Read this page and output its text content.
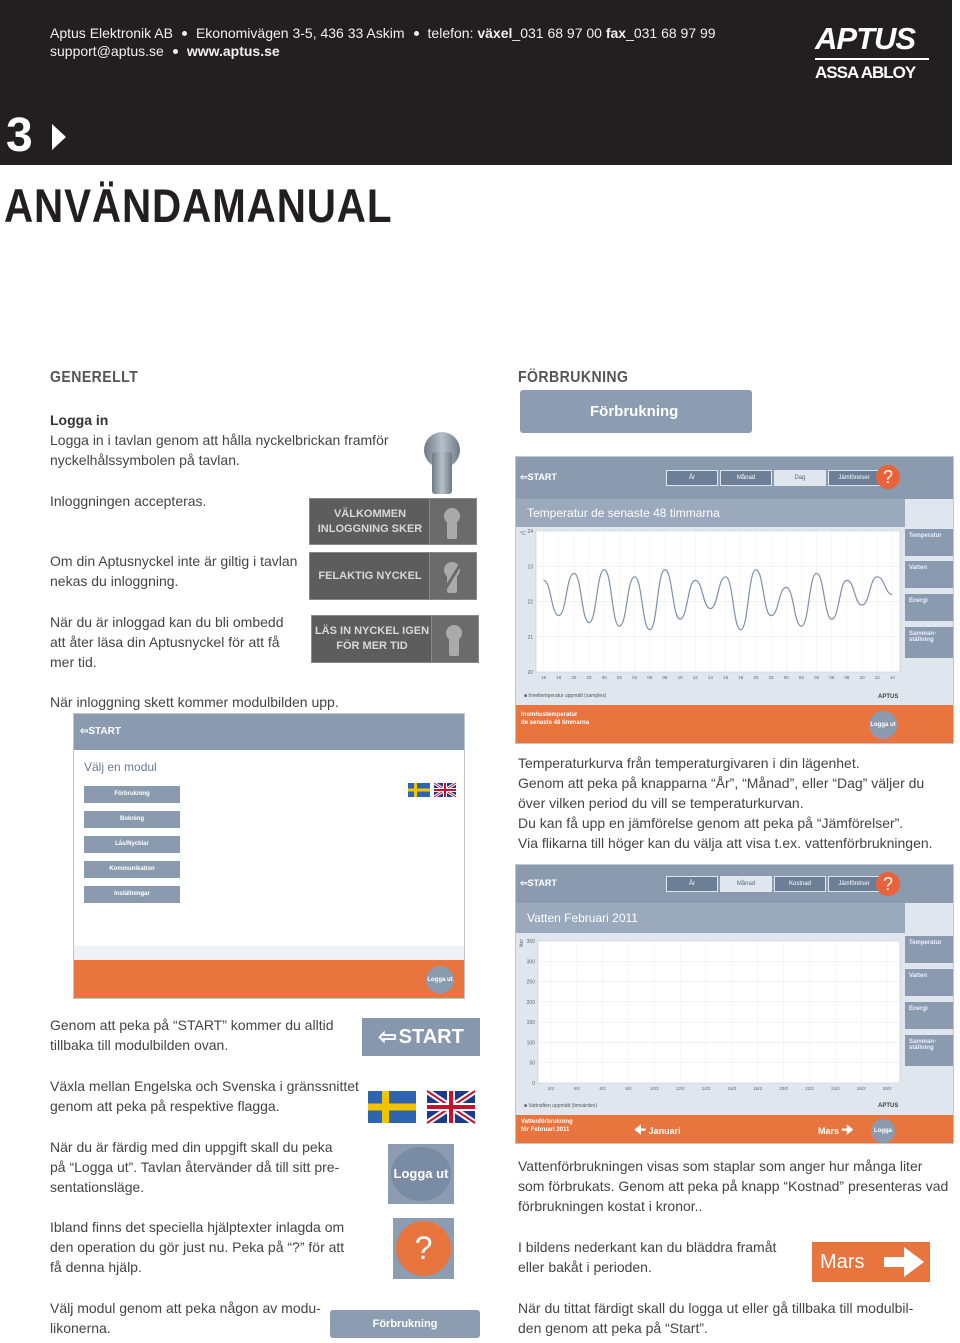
Aptus Elektronik AB Ekonomivägen 3-5, 436 33 Askim telefon: växel_031 68 97 00 fax_031 68 97 99
support@aptus.se www.aptus.se	APTUS
ASSA ABLOY
3
ANVÄNDAMANUAL
GENERELLT
Logga in
Logga in i tavlan genom att hålla nyckelbrickan framför
nyckelhålssymbolen på tavlan.
Inloggningen accepteras.
VÄLKOMMEN
INLOGGNING SKER
Om din Aptusnyckel inte är giltig i tavlan
nekas du inloggning.	FELAKTIG NYCKEL
När du är inloggad kan du bli ombedd
att åter läsa din Aptusnyckel för att få
mer tid.
LÄS IN NYCKEL IGEN
FÖR MER TID
När inloggning skett kommer modulbilden upp.
⇦START
Välj en modul
Förbrukning
Bokning
Lås/Nycklar
Kommunikation
Inställningar
Logga ut
Genom att peka på “START” kommer du alltid
tillbaka till modulbilden ovan.	⇦ START
Växla mellan Engelska och Svenska i gränssnittet
genom att peka på respektive flagga.
När du är färdig med din uppgift skall du peka
på “Logga ut”. Tavlan återvänder då till sitt pre-
sentationsläge.
Logga ut
Ibland finns det speciella hjälptexter inlagda om
den operation du gör just nu. Peka på “?” för att
få denna hjälp.
?
Välj modul genom att peka någon av modu-
likonerna.	Förbrukning
FÖRBRUKNING
Förbrukning
⇦START	År	Månad	Dag	Jämförelser ?
Temperatur de senaste 48 timmarna
Temperatur
Vatten
Energi
Samman-ställning
°C
20
21
22
23
24
16 18 20 22 00 02 04 06 08 10 12 14 16 18 20 22 00 02 04 06 08 10 12 14
■ Inneltemperatur uppmätt (samples)	APTUS
Inomhustemperatur
de senaste 48 timmarna	Logga ut
Temperaturkurva från temperaturgivaren i din lägenhet.
Genom att peka på knapparna “År”, “Månad”, eller “Dag” väljer du
över vilken period du vill se temperaturkurvan.
Du kan få upp en jämförelse genom att peka på “Jämförelser”.
Via flikarna till höger kan du välja att visa t.ex. vattenförbrukningen.
⇦START	År	Månad	Kostnad	Jämförelser ?
Vatten Februari 2011
Temperatur
Vatten
Energi
Samman-ställning
liter
0
50
100
150
200
250
300
350
2/2	4/2	6/2	8/2	10/2	12/2	14/2	16/2	18/2	20/2	22/2	24/2	26/2	28/2
■ Vattnaften uppmätt (timvärden)	APTUS
Vattenförbrukning
för Februari 2011	🠈 Januari	Mars 🠊	Logga ut
Vattenförbrukningen visas som staplar som anger hur många liter
som förbrukats. Genom att peka på knapp “Kostnad” presenteras vad
förbrukningen kostat i kronor..
I bildens nederkant kan du bläddra framåt
eller bakåt i perioden.	Mars
När du tittat färdigt skall du logga ut eller gå tillbaka till modulbil-
den genom att peka på “Start”.
